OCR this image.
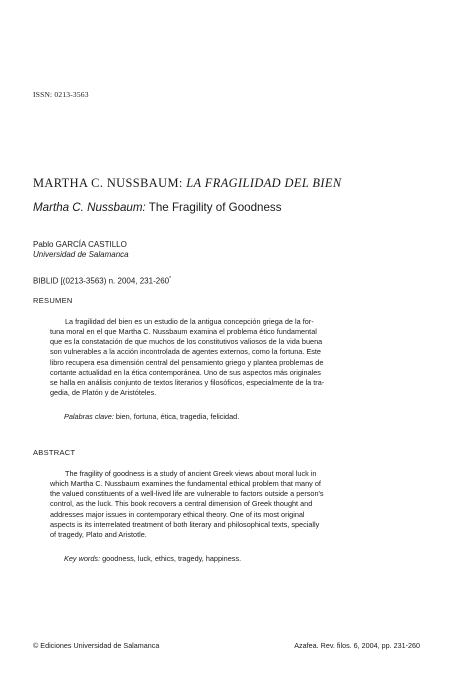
ISSN: 0213-3563
MARTHA C. NUSSBAUM: LA FRAGILIDAD DEL BIEN
Martha C. Nussbaum: The Fragility of Goodness
Pablo GARCÍA CASTILLO
Universidad de Salamanca
BIBLID [(0213-3563) n. 2004, 231-260*
RESUMEN
La fragilidad del bien es un estudio de la antigua concepción griega de la for-
tuna moral en el que Martha C. Nussbaum examina el problema ético fundamental
que es la constatación de que muchos de los constitutivos valiosos de la vida buena
son vulnerables a la acción incontrolada de agentes externos, como la fortuna. Este
libro recupera esa dimensión central del pensamiento griego y plantea problemas de
cortante actualidad en la ética contemporánea. Uno de sus aspectos más originales
se halla en análisis conjunto de textos literarios y filosóficos, especialmente de la tra-
gedia, de Platón y de Aristóteles.
Palabras clave: bien, fortuna, ética, tragedia, felicidad.
ABSTRACT
The fragility of goodness is a study of ancient Greek views about moral luck in
which Martha C. Nussbaum examines the fundamental ethical problem that many of
the valued constituents of a well-lived life are vulnerable to factors outside a person's
control, as the luck. This book recovers a central dimension of Greek thought and
addresses major issues in contemporary ethical theory. One of its most original
aspects is its interrelated treatment of both literary and philosophical texts, specially
of tragedy, Plato and Aristotle.
Key words: goodness, luck, ethics, tragedy, happiness.
© Ediciones Universidad de Salamanca	Azafea. Rev. filos. 6, 2004, pp. 231-260
